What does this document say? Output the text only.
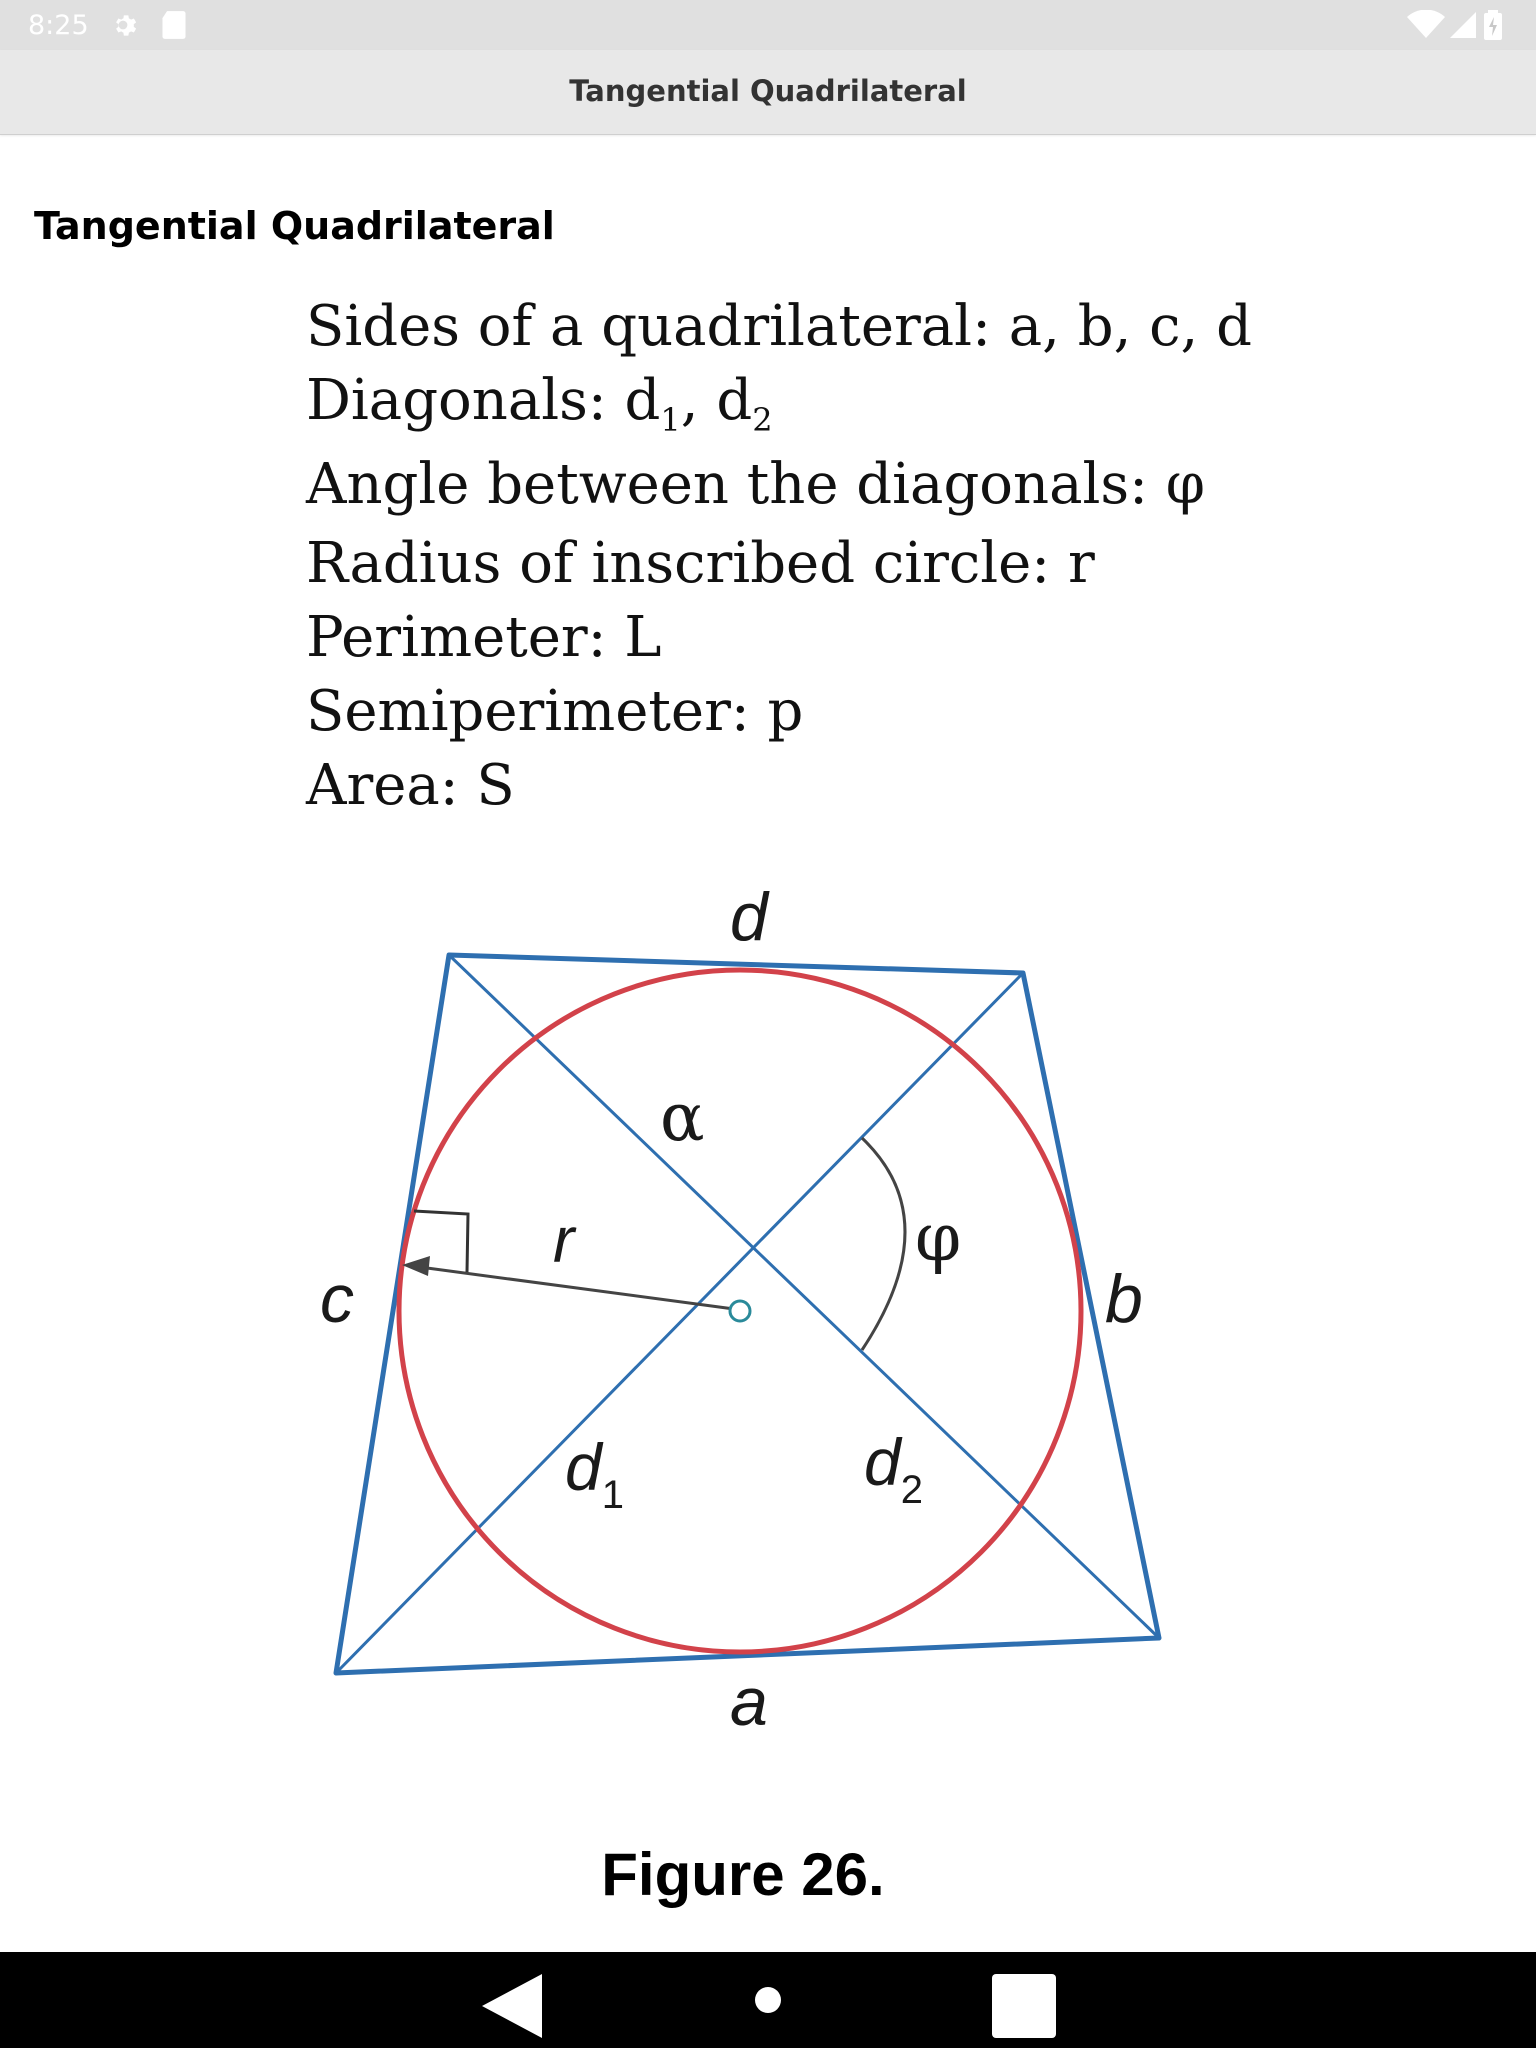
8:25
Tangential Quadrilateral
Tangential Quadrilateral
Sides of a quadrilateral: a, b, c, d
Diagonals: $d_1$, $d_2$
Angle between the diagonals: φ
Radius of inscribed circle: r
Perimeter: L
Semiperimeter: p
Area: S
d
a
b
c
r
α
φ
$d_1$	$d_2$
Figure 26.
